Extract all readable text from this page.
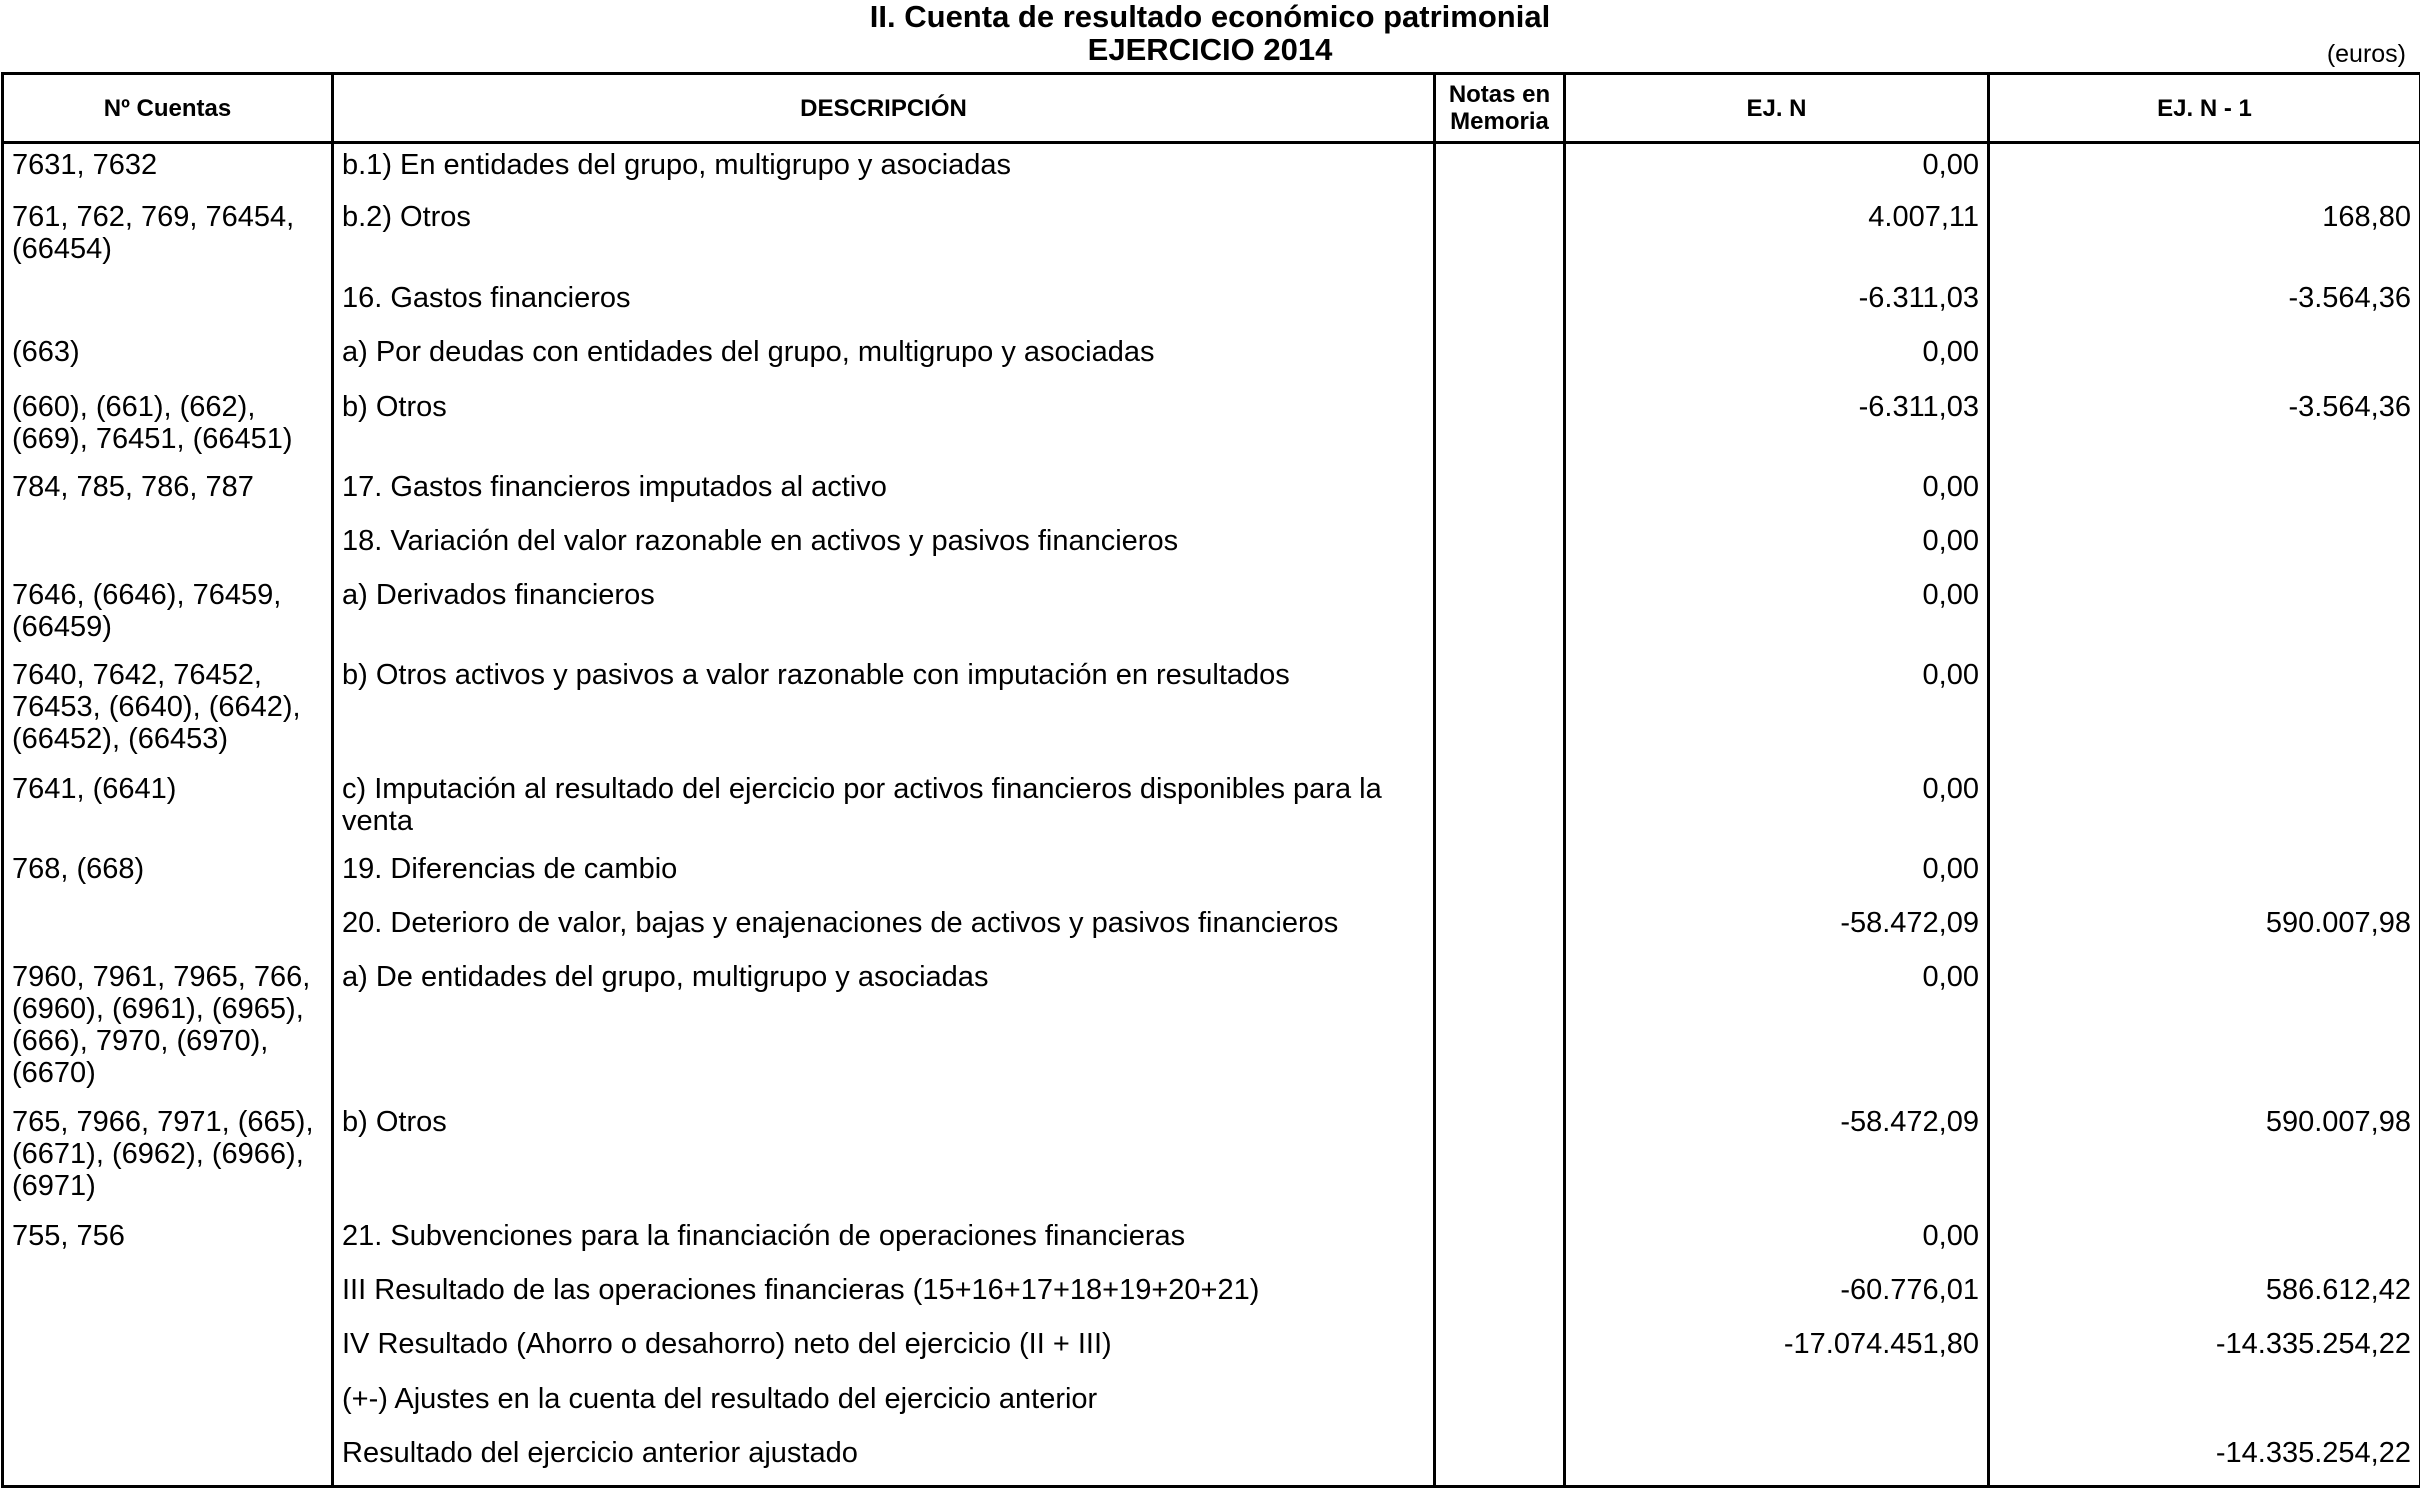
II. Cuenta de resultado económico patrimonial
EJERCICIO 2014	(euros)
Nº Cuentas	DESCRIPCIÓN	Notas en Memoria	EJ. N	EJ. N - 1
7631, 7632	b.1) En entidades del grupo, multigrupo y asociadas		0,00	
761, 762, 769, 76454, (66454)	b.2) Otros		4.007,11	168,80
	16. Gastos financieros		-6.311,03	-3.564,36
(663)	a) Por deudas con entidades del grupo, multigrupo y asociadas		0,00	
(660), (661), (662), (669), 76451, (66451)	b) Otros		-6.311,03	-3.564,36
784, 785, 786, 787	17. Gastos financieros imputados al activo		0,00	
	18. Variación del valor razonable en activos y pasivos financieros		0,00	
7646, (6646), 76459, (66459)	a) Derivados financieros		0,00	
7640, 7642, 76452, 76453, (6640), (6642), (66452), (66453)	b) Otros activos y pasivos a valor razonable con imputación en resultados		0,00	
7641, (6641)	c) Imputación al resultado del ejercicio por activos financieros disponibles para la venta		0,00	
768, (668)	19. Diferencias de cambio		0,00	
	20. Deterioro de valor, bajas y enajenaciones de activos y pasivos financieros		-58.472,09	590.007,98
7960, 7961, 7965, 766, (6960), (6961), (6965), (666), 7970, (6970), (6670)	a) De entidades del grupo, multigrupo y asociadas		0,00	
765, 7966, 7971, (665), (6671), (6962), (6966), (6971)	b) Otros		-58.472,09	590.007,98
755, 756	21. Subvenciones para la financiación de operaciones financieras		0,00	
	III Resultado de las operaciones financieras (15+16+17+18+19+20+21)		-60.776,01	586.612,42
	IV Resultado (Ahorro o desahorro) neto del ejercicio (II + III)		-17.074.451,80	-14.335.254,22
	(+-) Ajustes en la cuenta del resultado del ejercicio anterior			
	Resultado del ejercicio anterior ajustado			-14.335.254,22
